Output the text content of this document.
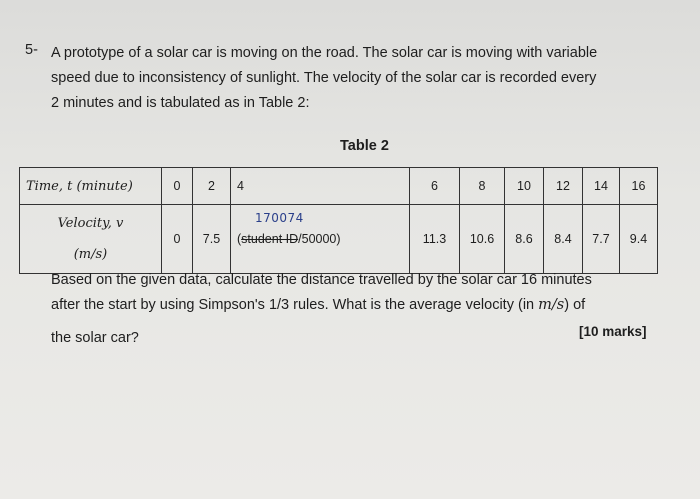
5- A prototype of a solar car is moving on the road. The solar car is moving with variable
speed due to inconsistency of sunlight. The velocity of the solar car is recorded every
2 minutes and is tabulated as in Table 2:
Table 2
Time, t (minute)	0	2	4	6	8	10	12	14	16

Velocity, v
(m/s)	0	7.5	(student ID/50000)	11.3	10.6	8.6	8.4	7.7	9.4
170074
Based on the given data, calculate the distance travelled by the solar car 16 minutes
after the start by using Simpson's 1/3 rules. What is the average velocity (in m/s) of
the solar car?	[10 marks]
